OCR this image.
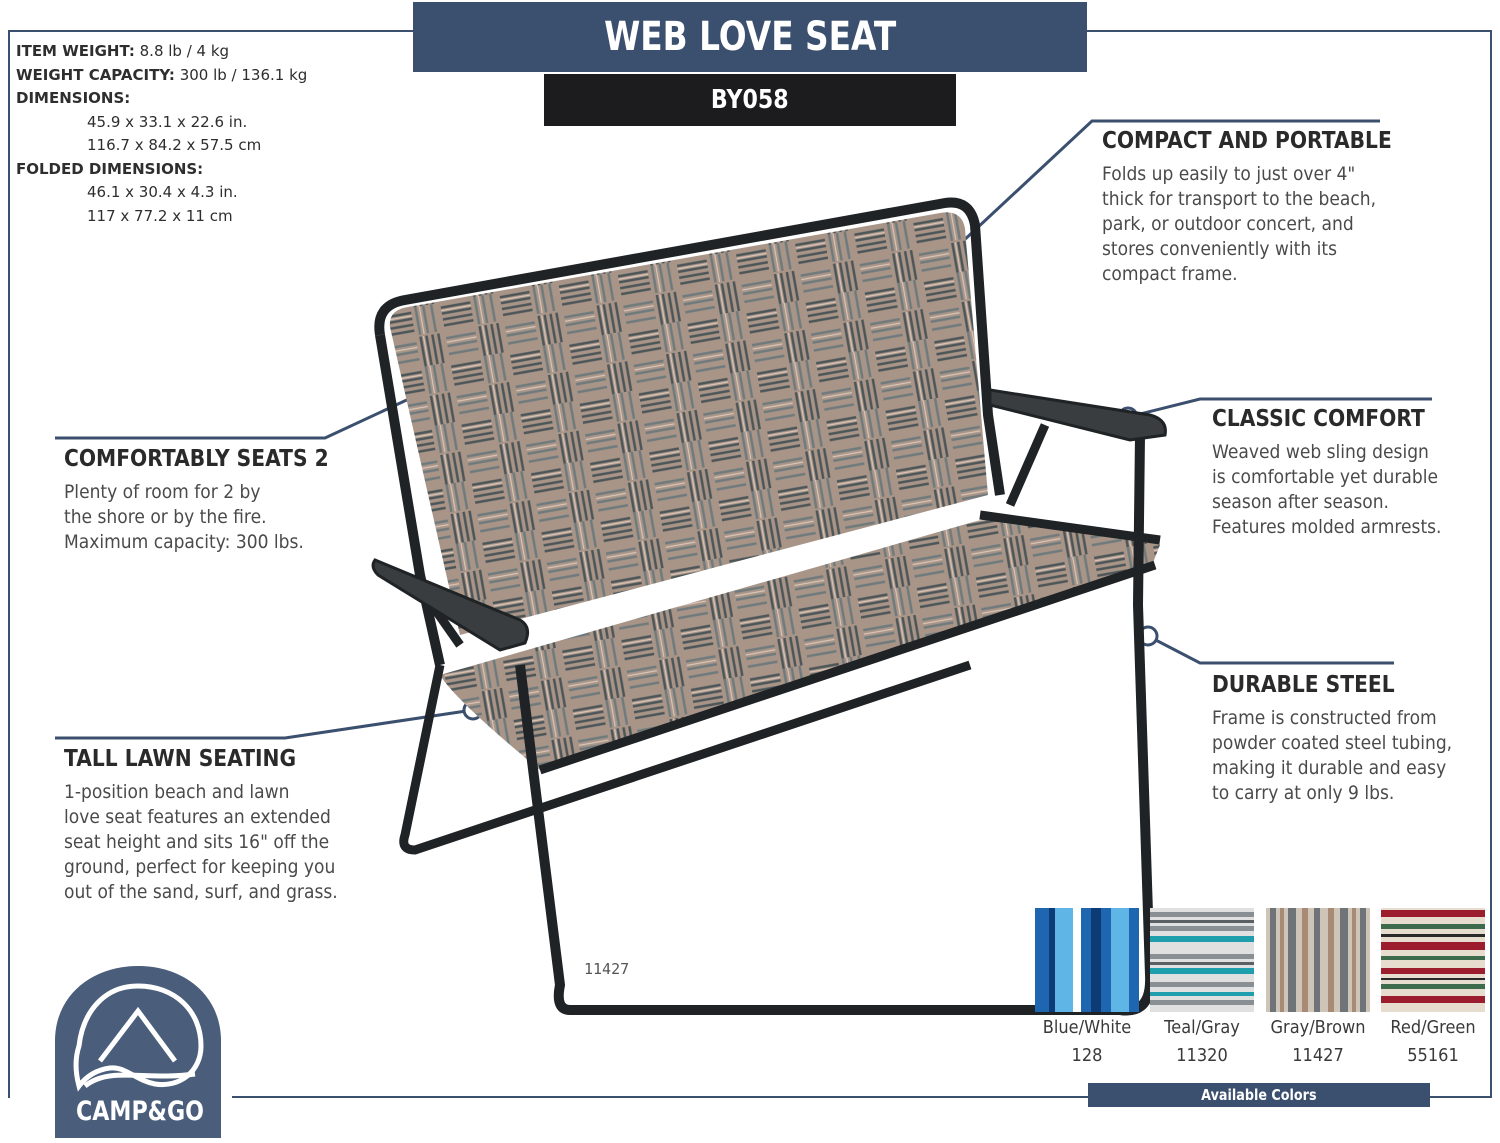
WEB LOVE SEAT
BY058
ITEM WEIGHT: 8.8 lb / 4 kg
WEIGHT CAPACITY: 300 lb / 136.1 kg
DIMENSIONS:
45.9 x 33.1 x 22.6 in.
116.7 x 84.2 x 57.5 cm
FOLDED DIMENSIONS:
46.1 x 30.4 x 4.3 in.
117 x 77.2 x 11 cm
11427
COMPACT AND PORTABLE

Folds up easily to just over 4"
thick for transport to the beach,
park, or outdoor concert, and
stores conveniently with its
compact frame.

CLASSIC COMFORT

Weaved web sling design
is comfortable yet durable
season after season.
Features molded armrests.

DURABLE STEEL

Frame is constructed from
powder coated steel tubing,
making it durable and easy
to carry at only 9 lbs.

COMFORTABLY SEATS 2

Plenty of room for 2 by
the shore or by the fire.
Maximum capacity: 300 lbs.

TALL LAWN SEATING

1-position beach and lawn
love seat features an extended
seat height and sits 16" off the
ground, perfect for keeping you
out of the sand, surf, and grass.

Blue/White
128
Teal/Gray
11320
Gray/Brown
11427
Red/Green
55161
Available Colors
CAMP&GO
